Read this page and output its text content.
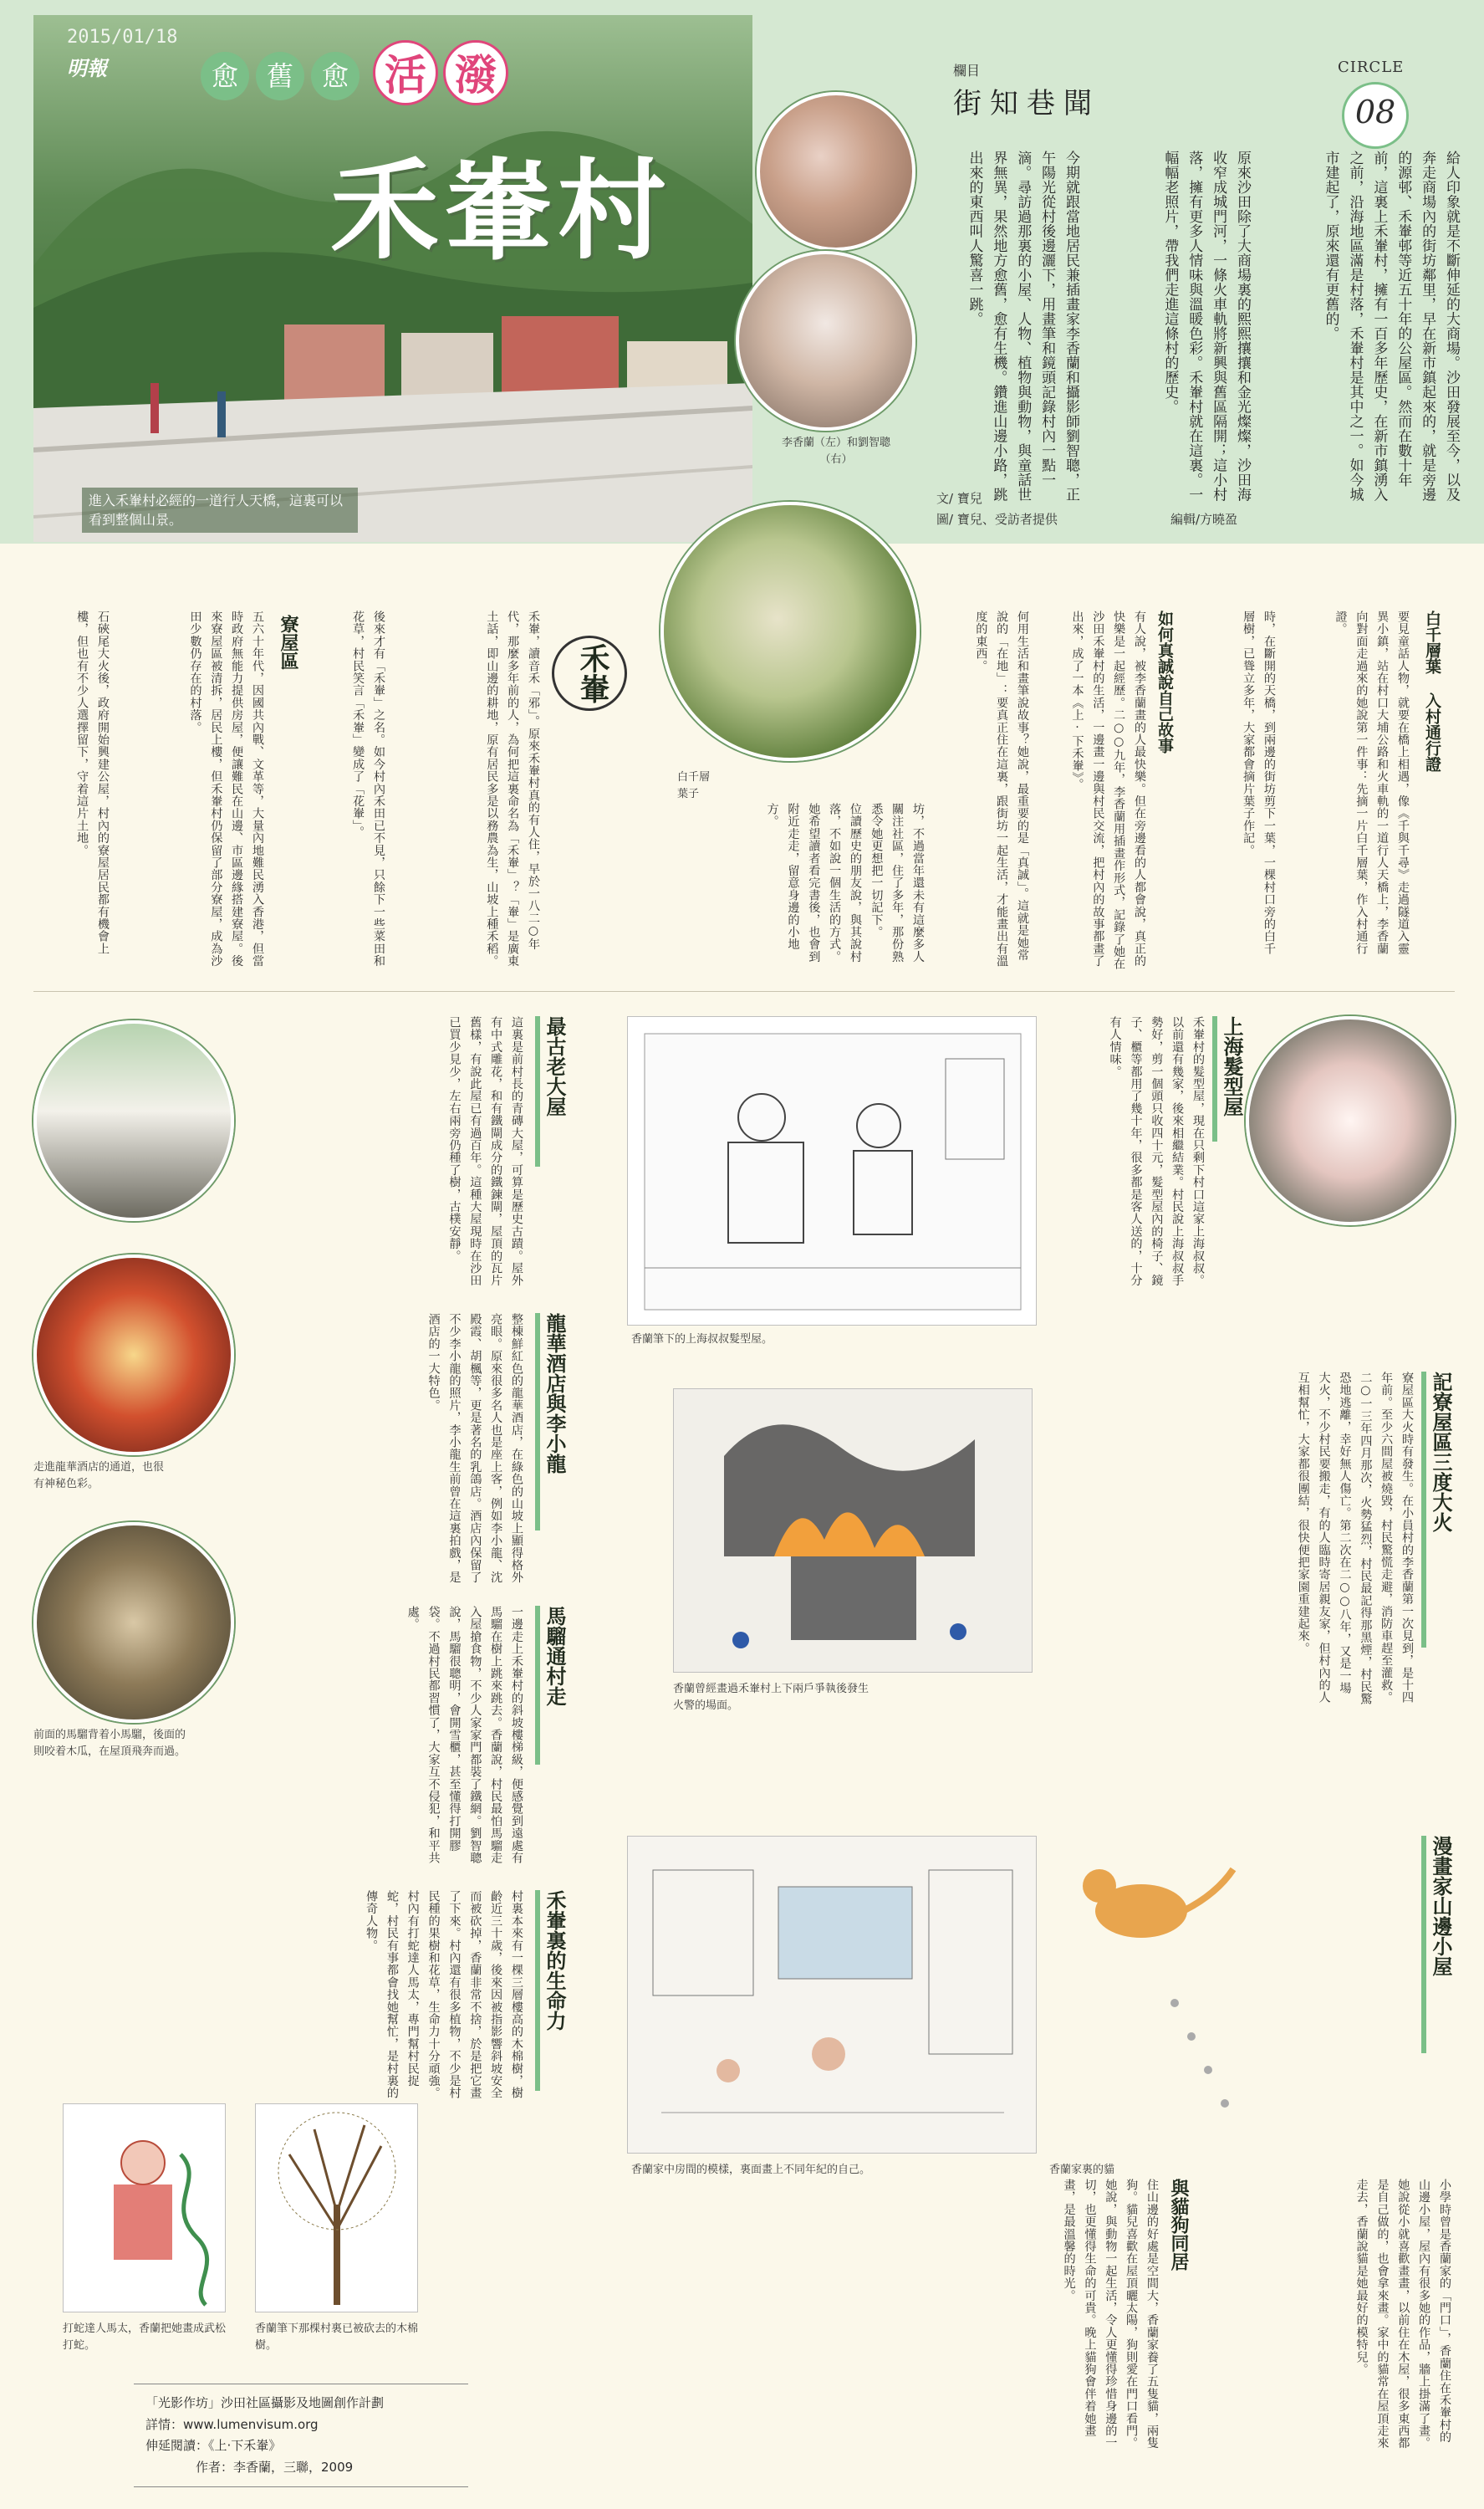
2015/01/18
明報
進入禾輋村必經的一道行人天橋，這裏可以看到整個山景。
愈	舊	愈 活 潑
禾輋村
李香蘭（左）和劉智聰（右）
欄目
街知巷聞
CIRCLE
08
給人印象就是不斷伸延的大商場。沙田發展至今，以及奔走商場內的街坊鄰里，早在新市鎮起來的，就是旁邊的源邨、禾輋邨等近五十年的公屋區。然而在數十年前，這裏上禾輋村，擁有一百多年歷史，在新市鎮湧入之前，沿海地區滿是村落，禾輋村是其中之一。如今城市建起了，原來還有更舊的。
原來沙田除了大商場裏的熙熙攘攘和金光燦燦，沙田海收窄成城門河，一條火車軌將新興與舊區隔開；這小村落，擁有更多人情味與溫暖色彩。禾輋村就在這裏。一幅幅老照片，帶我們走進這條村的歷史。
今期就跟當地居民兼插畫家李香蘭和攝影師劉智聰，正午陽光從村後邊灑下，用畫筆和鏡頭記錄村內一點一滴。尋訪過那裏的小屋、人物、植物與動物，與童話世界無異，果然地方愈舊，愈有生機。鑽進山邊小路，跳出來的東西叫人驚喜一跳。
文/ 寶兒
圖/ 寶兒、受訪者提供	編輯/方曉盈
白千層葉子
白千層葉 入村通行證
要見童話人物，就要在橋上相遇，像《千與千尋》走過隧道入靈異小鎮，站在村口大埔公路和火車軌的一道行人天橋上，李香蘭向對面走過來的她說第一件事：先摘一片白千層葉，作入村通行證。
時，在斷開的天橋，到兩邊的街坊剪下一葉，一棵村口旁的白千層樹，已聳立多年，大家都會摘片葉子作記。
如何真誠說自己故事
有人說，被李香蘭畫的人最快樂。但在旁邊看的人都會說，真正的快樂是一起經歷。二○○九年，李香蘭用插畫作形式，記錄了她在沙田禾輋村的生活，一邊畫一邊與村民交流，把村內的故事都畫了出來，成了一本《上‧下禾輋》。
何用生活和畫筆說故事？她說，最重要的是「真誠」。這就是她常說的「在地」：要真正住在這裏，跟街坊一起生活，才能畫出有溫度的東西。
坊，不過當年還未有這麼多人關注社區，住了多年，那份熟悉令她更想把一切記下。
位讀歷史的朋友說，與其說村落，不如說一個生活的方式。她希望讀者看完書後，也會到附近走走，留意身邊的小地方。
禾輋
禾輋，讀音禾「邪」。原來禾輋村真的有人住，早於一八二○年代，那麼多年前的人，為何把這裏命名為「禾輋」？「輋」是廣東土話，即山邊的耕地，原有居民多是以務農為生，山坡上種禾稻。
後來才有「禾輋」之名。如今村內禾田已不見，只餘下一些菜田和花草，村民笑言「禾輋」變成了「花輋」。
寮屋區
五六十年代，因國共內戰、文革等，大量內地難民湧入香港，但當時政府無能力提供房屋，便讓難民在山邊、市區邊緣搭建寮屋。後來寮屋區被清拆，居民上樓，但禾輋村仍保留了部分寮屋，成為沙田少數仍存在的村落。
石硤尾大火後，政府開始興建公屋，村內的寮屋居民都有機會上樓，但也有不少人選擇留下，守着這片土地。
走進龍華酒店的通道，也很有神秘色彩。
前面的馬騮背着小馬騮，後面的則咬着木瓜，在屋頂飛奔而過。
最古老大屋
這裏是前村長的青磚大屋，可算是歷史古蹟。屋外有中式雕花，和有鐵閘成分的鐵鍊閘，屋頂的瓦片舊樣，有說此屋已有過百年。這種大屋現時在沙田已買少見少，左右兩旁仍種了樹，古樸安靜。
龍華酒店與李小龍
整棟鮮紅色的龍華酒店，在綠色的山坡上顯得格外亮眼。原來很多名人也是座上客，例如李小龍、沈殿霞、胡楓等，更是著名的乳鴿店。酒店內保留了不少李小龍的照片，李小龍生前曾在這裏拍戲，是酒店的一大特色。
馬騮通村走
一邊走上禾輋村的斜坡樓梯級，便感覺到遠處有馬騮在樹上跳來跳去。香蘭說，村民最怕馬騮走入屋搶食物，不少人家家門都裝了鐵網。劉智聰說，馬騮很聰明，會開雪櫃，甚至懂得打開膠袋。不過村民都習慣了，大家互不侵犯，和平共處。
禾輋裏的生命力
村裏本來有一棵三層樓高的木棉樹，樹齡近三十歲，後來因被指影響斜坡安全而被砍掉，香蘭非常不捨，於是把它畫了下來。村內還有很多植物，不少是村民種的果樹和花草，生命力十分頑強。村內有打蛇達人馬太，專門幫村民捉蛇，村民有事都會找她幫忙，是村裏的傳奇人物。
打蛇達人馬太，香蘭把她畫成武松打蛇。
香蘭筆下那棵村裏已被砍去的木棉樹。
「光影作坊」沙田社區攝影及地圖創作計劃
詳情：www.lumenvisum.org
伸延閱讀：《上‧下禾輋》
作者：李香蘭，三聯，2009
香蘭筆下的上海叔叔髮型屋。
香蘭曾經畫過禾輋村上下兩戶爭執後發生火警的場面。
香蘭家中房間的模樣，裏面畫上不同年紀的自己。	香蘭家裏的貓
上海髮型屋
禾輋村的髮型屋，現在只剩下村口這家上海叔叔。以前還有幾家，後來相繼結業。村民說上海叔叔手勢好，剪一個頭只收四十元，髮型屋內的椅子、鏡子、櫃等都用了幾十年，很多都是客人送的，十分有人情味。
記寮屋區三度大火
寮屋區大火時有發生。在小員村的李香蘭第一次見到，是十四年前。至少六間屋被燒毀，村民驚慌走避，消防車趕至灌救。二○一三年四月那次，火勢猛烈，村民最記得那黑煙，村民驚恐地逃離，幸好無人傷亡。第二次在二○○八年，又是一場大火，不少村民要搬走，有的人臨時寄居親友家，但村內的人互相幫忙，大家都很團結，很快便把家園重建起來。
漫畫家山邊小屋
與貓狗同居	小學時曾是香蘭家的「門口」，香蘭住在禾輋村的山邊小屋，屋內有很多她的作品，牆上掛滿了畫。她說從小就喜歡畫畫，以前住在木屋，很多東西都是自己做的，也會拿來畫。家中的貓常在屋頂走來走去，香蘭說貓是她最好的模特兒。
住山邊的好處是空間大，香蘭家養了五隻貓，兩隻狗。貓兒喜歡在屋頂曬太陽，狗則愛在門口看門。她說，與動物一起生活，令人更懂得珍惜身邊的一切，也更懂得生命的可貴。晚上貓狗會伴着她畫畫，是最溫馨的時光。
